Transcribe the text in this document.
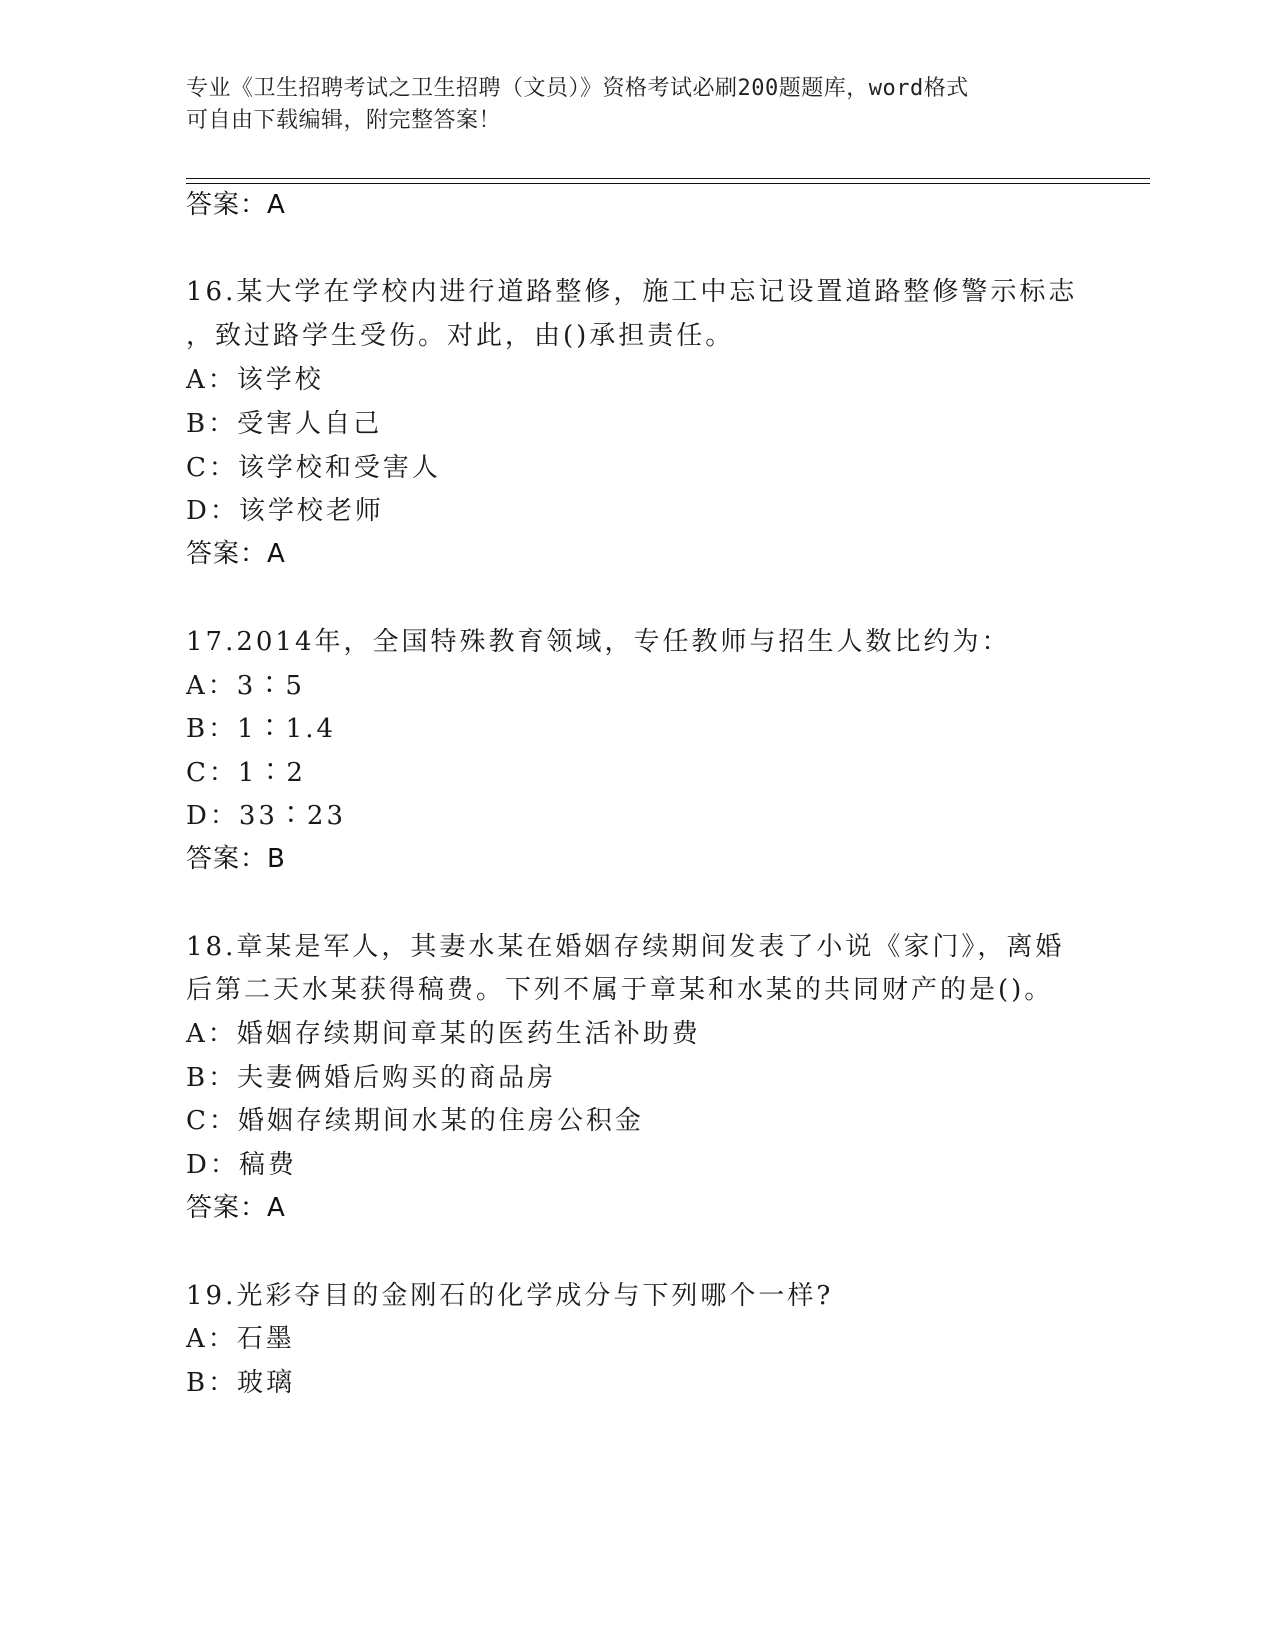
专业《卫生招聘考试之卫生招聘（文员）》资格考试必刷200题题库，word格式
可自由下载编辑，附完整答案！
答案：A
16.某大学在学校内进行道路整修，施工中忘记设置道路整修警示标志
，致过路学生受伤。对此，由()承担责任。
A：该学校
B：受害人自己
C：该学校和受害人
D：该学校老师
答案：A
17.2014年，全国特殊教育领域，专任教师与招生人数比约为：
A：3∶5
B：1∶1.4
C：1∶2
D：33∶23
答案：B
18.章某是军人，其妻水某在婚姻存续期间发表了小说《家门》，离婚
后第二天水某获得稿费。下列不属于章某和水某的共同财产的是()。
A：婚姻存续期间章某的医药生活补助费
B：夫妻俩婚后购买的商品房
C：婚姻存续期间水某的住房公积金
D：稿费
答案：A
19.光彩夺目的金刚石的化学成分与下列哪个一样?
A：石墨
B：玻璃
